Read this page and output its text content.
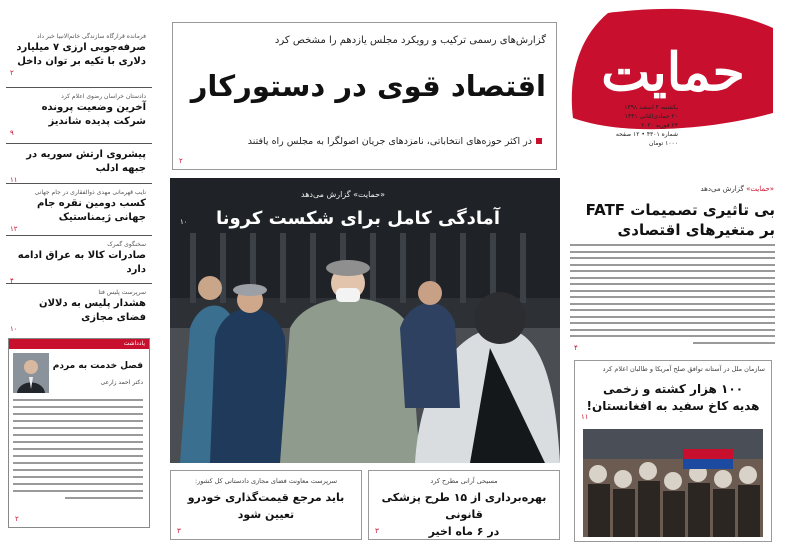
حمایت
یکشنبه ۴ اسفند ۱۳۹۸
۲۰ جمادی‌الثانی ۱۴۴۱
۲۳ فوریه ۲۰۲۰
شماره ۴۳۰۱ • ۱۲ صفحه
۱۰۰۰ تومان
فرمانده قرارگاه سازندگی خاتم‌الانبیا خبر داد
صرفه‌جویی ارزی ۷ میلیارد دلاری با تکیه بر توان داخل
۲
دادستان خراسان رضوی اعلام کرد
آخرین وضعیت پرونده شرکت پدیده شاندیز
۹
پیشروی ارتش سوریه در جبهه ادلب
۱۱
نایب قهرمانی مهدی ذوالفقاری در جام جهانی
کسب دومین نقره جام جهانی ژیمناستیک
۱۲
سخنگوی گمرک
صادرات کالا به عراق ادامه دارد
۴
سرپرست پلیس فتا
هشدار پلیس به دلالان فضای مجازی
۱۰
یادداشت
فصل خدمت به مردم
دکتر احمد زارعی
۲
گزارش‌های رسمی ترکیب و رویکرد مجلس یازدهم را مشخص کرد
اقتصاد قوی در دستورکار
در اکثر حوزه‌های انتخاباتی، نامزدهای جریان اصولگرا به مجلس راه یافتند
۲
«حمایت» گزارش می‌دهد
آمادگی کامل برای شکست کرونا
۱۰
سرپرست معاونت فضای مجازی دادستانی کل کشور:
باید مرجع قیمت‌گذاری خودرو
تعیین شود
۳
مسیحی آرانی مطرح کرد
بهره‌برداری از ۱۵ طرح پزشکی قانونی
در ۶ ماه اخیر
۳
«حمایت» گزارش می‌دهد
بی تاثیری تصمیمات FATF
بر متغیرهای اقتصادی
۴
سازمان ملل در آستانه توافق صلح آمریکا و طالبان اعلام کرد
۱۰۰ هزار کشته و زخمی
هدیه کاخ سفید به افغانستان!
۱۱
